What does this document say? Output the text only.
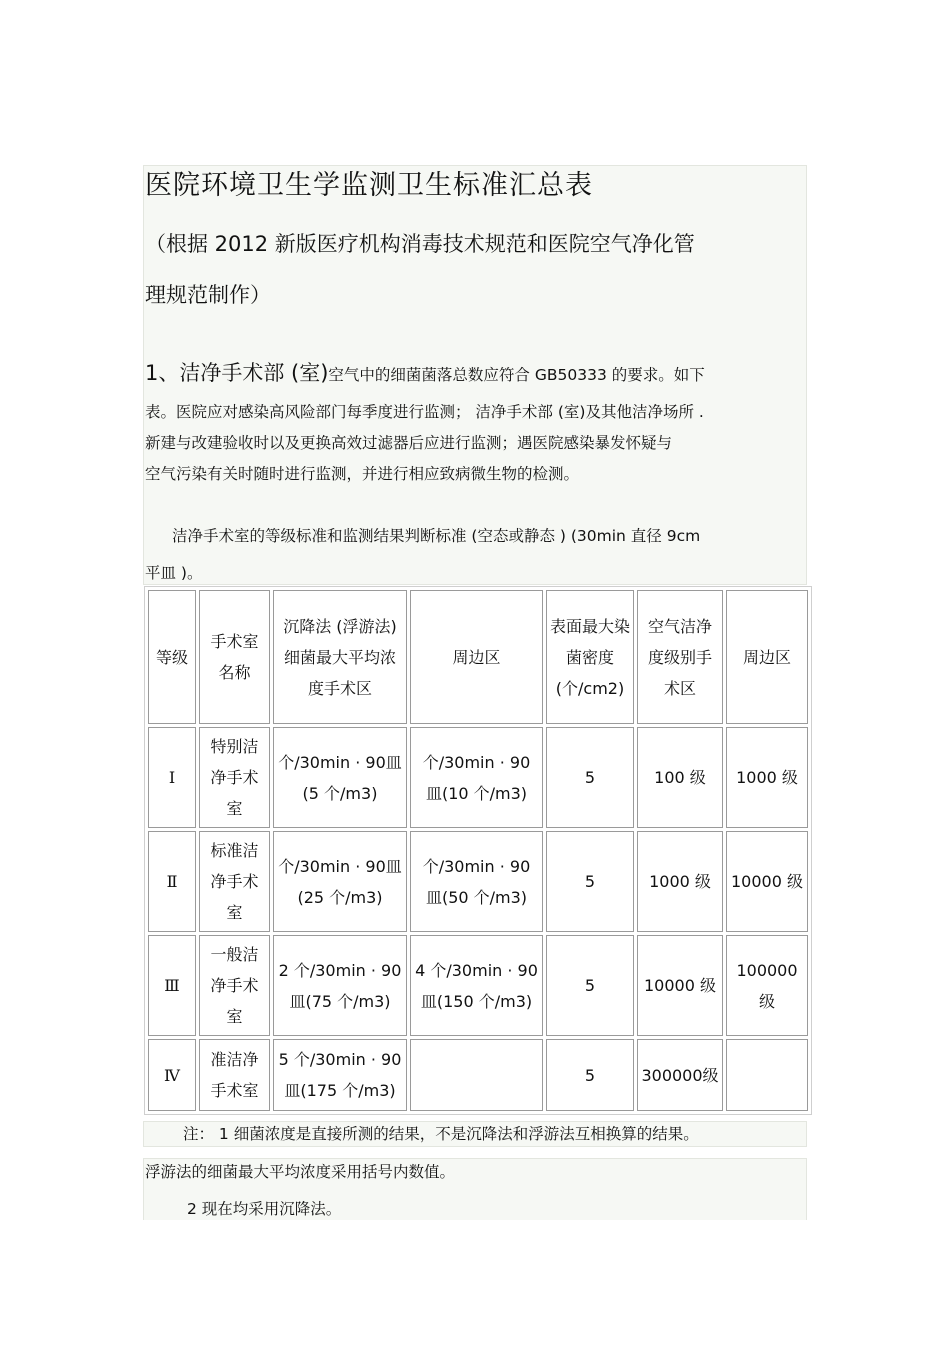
医院环境卫生学监测卫生标准汇总表
（根据 2012 新版医疗机构消毒技术规范和医院空气净化管
理规范制作）
1、洁净手术部 (室)空气中的细菌菌落总数应符合 GB50333 的要求。如下
表。医院应对感染高风险部门每季度进行监测； 洁净手术部 (室)及其他洁净场所 .
新建与改建验收时以及更换高效过滤器后应进行监测；遇医院感染暴发怀疑与
空气污染有关时随时进行监测，并进行相应致病微生物的检测。
洁净手术室的等级标准和监测结果判断标准 (空态或静态 ) (30min 直径 9cm
平皿 )。
等级	手术室名称	沉降法 (浮游法)细菌最大平均浓度手术区	周边区	表面最大染菌密度(个/cm2)	空气洁净度级别手术区	周边区
Ⅰ	特别洁净手术室	个/30min · 90皿(5 个/m3)	个/30min · 90 皿(10 个/m3)	5	100 级	1000 级
Ⅱ	标准洁净手术室	个/30min · 90皿(25 个/m3)	个/30min · 90 皿(50 个/m3)	5	1000 级	10000 级
Ⅲ	一般洁净手术室	2 个/30min · 90皿(75 个/m3)	4 个/30min · 90 皿(150 个/m3)	5	10000 级	100000级
Ⅳ	准洁净手术室	5 个/30min · 90皿(175 个/m3)		5	300000级	
注： 1 细菌浓度是直接所测的结果，不是沉降法和浮游法互相换算的结果。
浮游法的细菌最大平均浓度采用括号内数值。
2 现在均采用沉降法。
